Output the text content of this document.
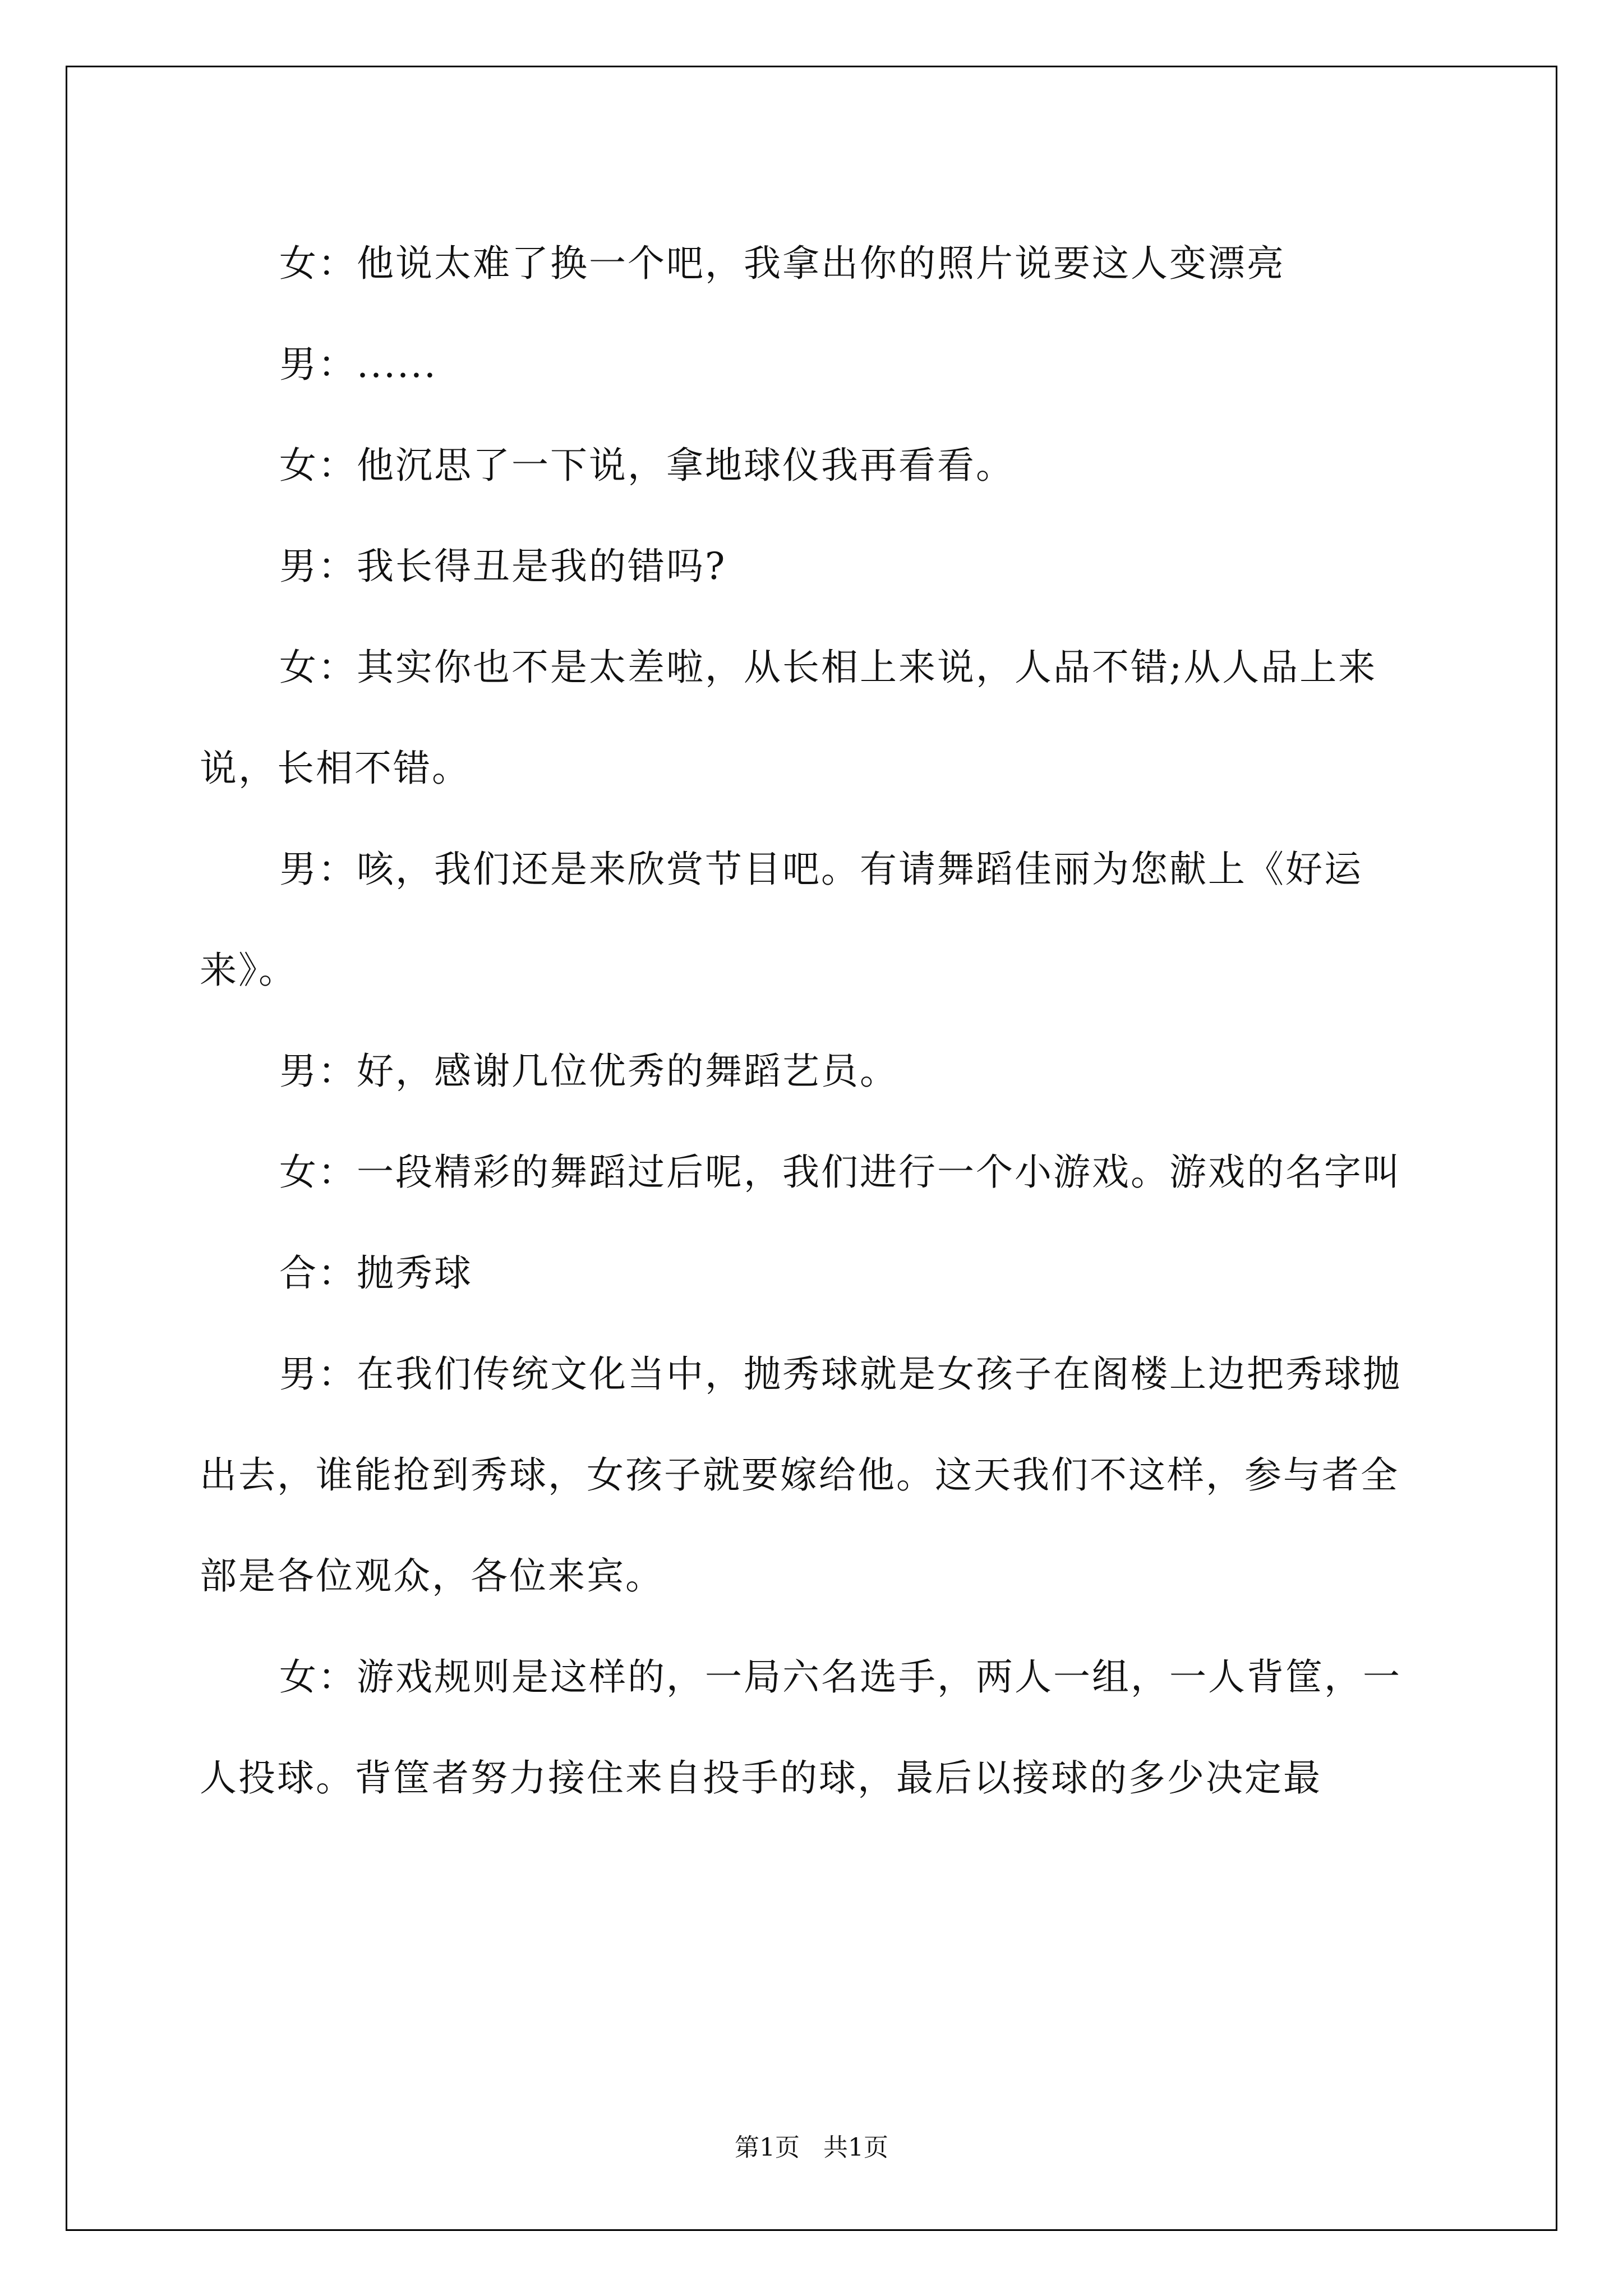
女：他说太难了换一个吧，我拿出你的照片说要这人变漂亮

男：......

女：他沉思了一下说，拿地球仪我再看看。

男：我长得丑是我的错吗?

女：其实你也不是太差啦，从长相上来说，人品不错;从人品上来说，长相不错。

男：咳，我们还是来欣赏节目吧。有请舞蹈佳丽为您献上《好运来》。

男：好，感谢几位优秀的舞蹈艺员。

女：一段精彩的舞蹈过后呢，我们进行一个小游戏。游戏的名字叫

合：抛秀球

男：在我们传统文化当中，抛秀球就是女孩子在阁楼上边把秀球抛出去，谁能抢到秀球，女孩子就要嫁给他。这天我们不这样，参与者全部是各位观众，各位来宾。

女：游戏规则是这样的，一局六名选手，两人一组，一人背筐，一人投球。背筐者努力接住来自投手的球，最后以接球的多少决定最

第1页 共1页
